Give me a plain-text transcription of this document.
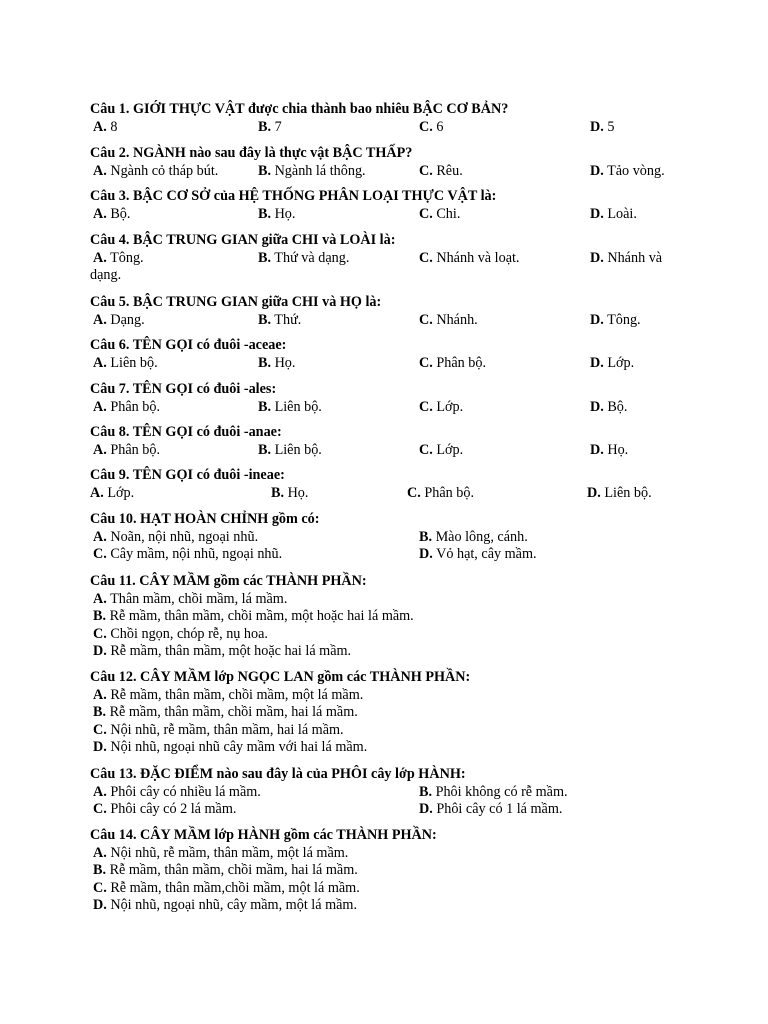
Câu 1. GIỚI THỰC VẬT được chia thành bao nhiêu BẬC CƠ BẢN?
A. 8	B. 7	C. 6	D. 5
Câu 2. NGÀNH nào sau đây là thực vật BẬC THẤP?
A. Ngành cỏ tháp bút.	B. Ngành lá thông.	C. Rêu.	D. Tảo vòng.
Câu 3. BẬC CƠ SỞ của HỆ THỐNG PHÂN LOẠI THỰC VẬT là:
A. Bộ.	B. Họ.	C. Chi.	D. Loài.
Câu 4. BẬC TRUNG GIAN giữa CHI và LOÀI là:
A. Tông.	B. Thứ và dạng.	C. Nhánh và loạt.	D. Nhánh và
dạng.
Câu 5. BẬC TRUNG GIAN giữa CHI và HỌ là:
A. Dạng.	B. Thứ.	C. Nhánh.	D. Tông.
Câu 6. TÊN GỌI có đuôi -aceae:
A. Liên bộ.	B. Họ.	C. Phân bộ.	D. Lớp.
Câu 7. TÊN GỌI có đuôi -ales:
A. Phân bộ.	B. Liên bộ.	C. Lớp.	D. Bộ.
Câu 8. TÊN GỌI có đuôi -anae:
A. Phân bộ.	B. Liên bộ.	C. Lớp.	D. Họ.
Câu 9. TÊN GỌI có đuôi -ineae:
A. Lớp.	B. Họ.	C. Phân bộ.	D. Liên bộ.
Câu 10. HẠT HOÀN CHỈNH gồm có:
A. Noãn, nội nhũ, ngoại nhũ.	B. Mào lông, cánh.
C. Cây mầm, nội nhũ, ngoại nhũ.	D. Vỏ hạt, cây mầm.
Câu 11. CÂY MẦM gồm các THÀNH PHẦN:
A. Thân mầm, chồi mầm, lá mầm.
B. Rễ mầm, thân mầm, chồi mầm, một hoặc hai lá mầm.
C. Chồi ngọn, chóp rễ, nụ hoa.
D. Rễ mầm, thân mầm, một hoặc hai lá mầm.
Câu 12. CÂY MẦM lớp NGỌC LAN gồm các THÀNH PHẦN:
A. Rễ mầm, thân mầm, chồi mầm, một lá mầm.
B. Rễ mầm, thân mầm, chồi mầm, hai lá mầm.
C. Nội nhũ, rễ mầm, thân mầm, hai lá mầm.
D. Nội nhũ, ngoại nhũ cây mầm với hai lá mầm.
Câu 13. ĐẶC ĐIỂM nào sau đây là của PHÔI cây lớp HÀNH:
A. Phôi cây có nhiều lá mầm.	B. Phôi không có rễ mầm.
C. Phôi cây có 2 lá mầm.	D. Phôi cây có 1 lá mầm.
Câu 14. CÂY MẦM lớp HÀNH gồm các THÀNH PHẦN:
A. Nội nhũ, rễ mầm, thân mầm, một lá mầm.
B. Rễ mầm, thân mầm, chồi mầm, hai lá mầm.
C. Rễ mầm, thân mầm,chồi mầm, một lá mầm.
D. Nội nhũ, ngoại nhũ, cây mầm, một lá mầm.
